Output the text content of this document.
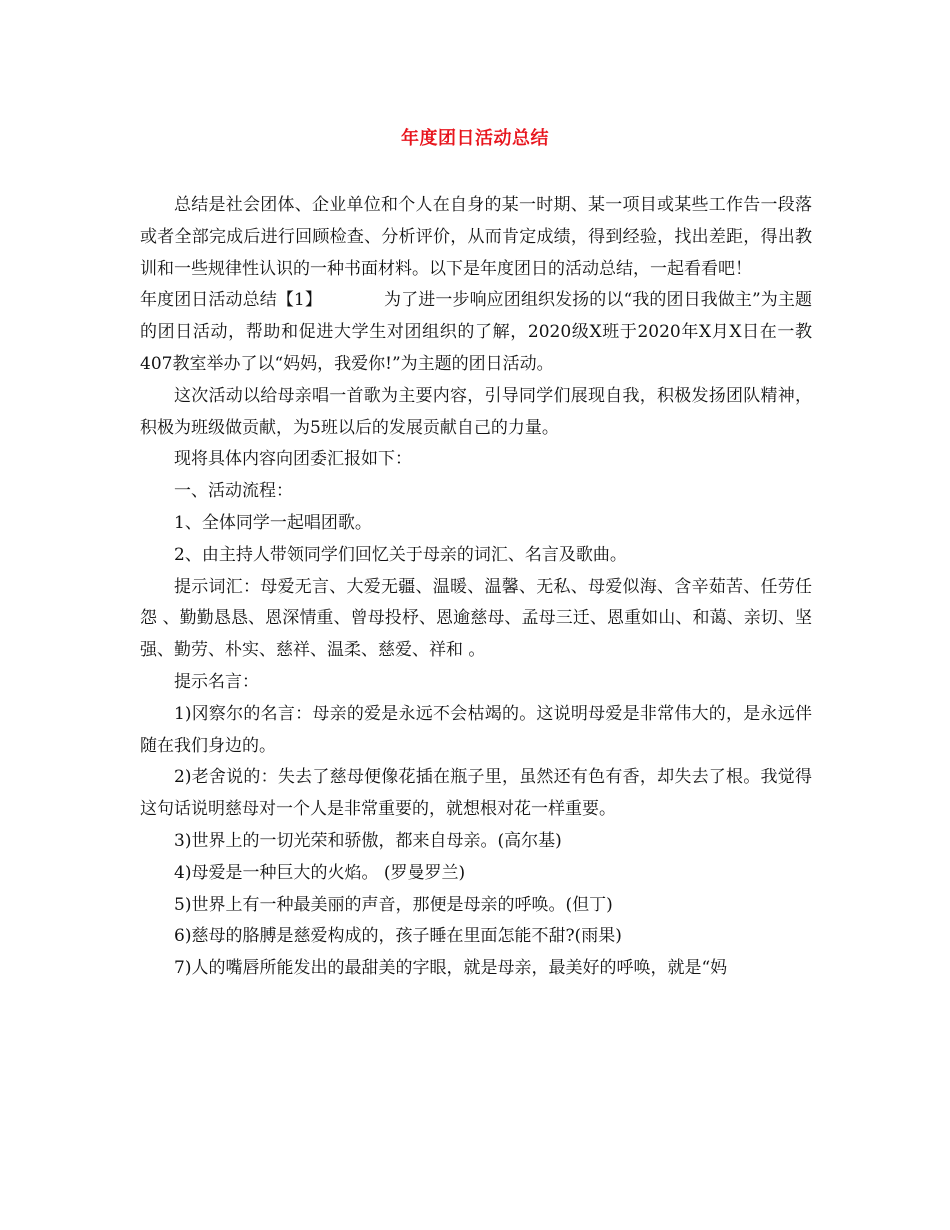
年度团日活动总结

总结是社会团体、企业单位和个人在自身的某一时期、某一项目或某些工作告一段落或者全部完成后进行回顾检查、分析评价，从而肯定成绩，得到经验，找出差距，得出教训和一些规律性认识的一种书面材料。以下是年度团日的活动总结，一起看看吧！

年度团日活动总结【1】	为了进一步响应团组织发扬的以“我的团日我做主”为主题的团日活动，帮助和促进大学生对团组织的了解，2020级X班于2020年X月X日在一教407教室举办了以“妈妈，我爱你!”为主题的团日活动。

这次活动以给母亲唱一首歌为主要内容，引导同学们展现自我，积极发扬团队精神，积极为班级做贡献，为5班以后的发展贡献自己的力量。

现将具体内容向团委汇报如下：

一、活动流程：

1、全体同学一起唱团歌。

2、由主持人带领同学们回忆关于母亲的词汇、名言及歌曲。

提示词汇：母爱无言、大爱无疆、温暖、温馨、无私、母爱似海、含辛茹苦、任劳任怨 、勤勤恳恳、恩深情重、曾母投杼、恩逾慈母、孟母三迁、恩重如山、和蔼、亲切、坚强、勤劳、朴实、慈祥、温柔、慈爱、祥和 。

提示名言：

1)冈察尔的名言：母亲的爱是永远不会枯竭的。这说明母爱是非常伟大的，是永远伴随在我们身边的。

2)老舍说的：失去了慈母便像花插在瓶子里，虽然还有色有香，却失去了根。我觉得这句话说明慈母对一个人是非常重要的，就想根对花一样重要。

3)世界上的一切光荣和骄傲，都来自母亲。(高尔基)

4)母爱是一种巨大的火焰。 (罗曼罗兰)

5)世界上有一种最美丽的声音，那便是母亲的呼唤。(但丁)

6)慈母的胳膊是慈爱构成的，孩子睡在里面怎能不甜?(雨果)

7)人的嘴唇所能发出的最甜美的字眼，就是母亲，最美好的呼唤，就是“妈
